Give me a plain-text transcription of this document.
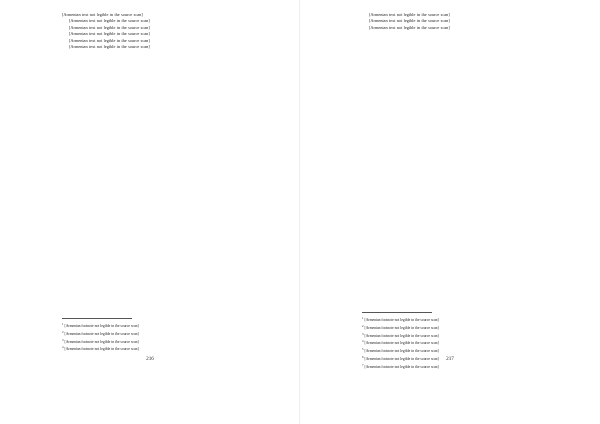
[Armenian text not legible in the source scan]

[Armenian text not legible in the source scan]

[Armenian text not legible in the source scan]

[Armenian text not legible in the source scan]

[Armenian text not legible in the source scan]

[Armenian text not legible in the source scan]

$^1$[Armenian footnote not legible in the source scan]
$^2$[Armenian footnote not legible in the source scan]
$^3$[Armenian footnote not legible in the source scan]
$^4$[Armenian footnote not legible in the source scan]
216

[Armenian text not legible in the source scan]

[Armenian text not legible in the source scan]

[Armenian text not legible in the source scan]

$^1$[Armenian footnote not legible in the source scan]
$^2$[Armenian footnote not legible in the source scan]
$^3$[Armenian footnote not legible in the source scan]
$^4$[Armenian footnote not legible in the source scan]
$^5$[Armenian footnote not legible in the source scan]
$^6$[Armenian footnote not legible in the source scan]
$^7$[Armenian footnote not legible in the source scan]
217
